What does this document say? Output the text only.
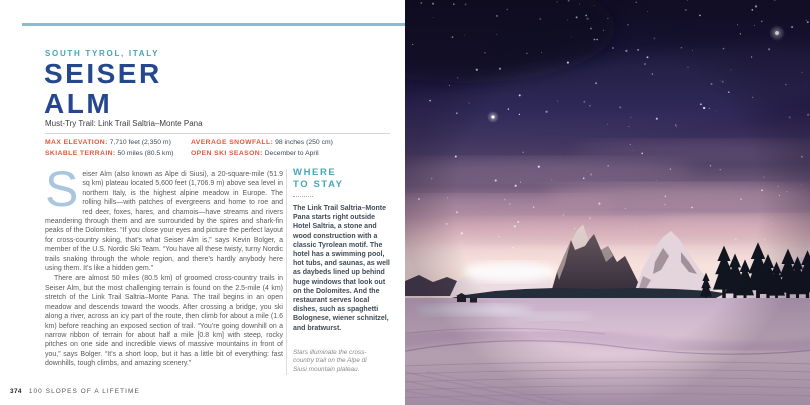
SOUTH TYROL, ITALY
SEISER
ALM
Must-Try Trail: Link Trail Saltria–Monte Pana
MAX ELEVATION: 7,710 feet (2,350 m)	AVERAGE SNOWFALL: 98 inches (250 cm)
SKIABLE TERRAIN: 50 miles (80.5 km)	OPEN SKI SEASON: December to April

Seiser Alm (also known as Alpe di Siusi), a 20-square-mile (51.9 sq km) plateau located 5,600 feet (1,706.9 m) above sea level in northern Italy, is the highest alpine meadow in Europe. The rolling hills—with patches of evergreens and home to roe and red deer, foxes, hares, and chamois—have streams and rivers meandering through them and are surrounded by the spires and shark-fin peaks of the Dolomites. “If you close your eyes and picture the perfect layout for cross-country skiing, that’s what Seiser Alm is,” says Kevin Bolger, a member of the U.S. Nordic Ski Team. “You have all these twisty, turny Nordic trails snaking through the whole region, and there’s hardly anybody here using them. It’s like a hidden gem.”

There are almost 50 miles (80.5 km) of groomed cross-country trails in Seiser Alm, but the most challenging terrain is found on the 2.5-mile (4 km) stretch of the Link Trail Saltria–Monte Pana. The trail begins in an open meadow and descends toward the woods. After crossing a bridge, you ski along a river, across an icy part of the route, then climb for about a mile (1.6 km) before reaching an exposed section of trail. “You’re going downhill on a narrow ribbon of terrain for about half a mile [0.8 km] with steep, rocky pitches on one side and incredible views of massive mountains in front of you,” says Bolger. “It’s a short loop, but it has a little bit of everything: fast downhills, tough climbs, and amazing scenery.”

WHERE TO STAY

The Link Trail Saltria–Monte Pana starts right outside Hotel Saltria, a stone and wood construction with a classic Tyrolean motif. The hotel has a swimming pool, hot tubs, and saunas, as well as daybeds lined up behind huge windows that look out on the Dolomites. And the restaurant serves local dishes, such as spaghetti Bolognese, wiener schnitzel, and bratwurst.

Stars illuminate the cross-country trail on the Alpe di Siusi mountain plateau.

374 100 SLOPES OF A LIFETIME
